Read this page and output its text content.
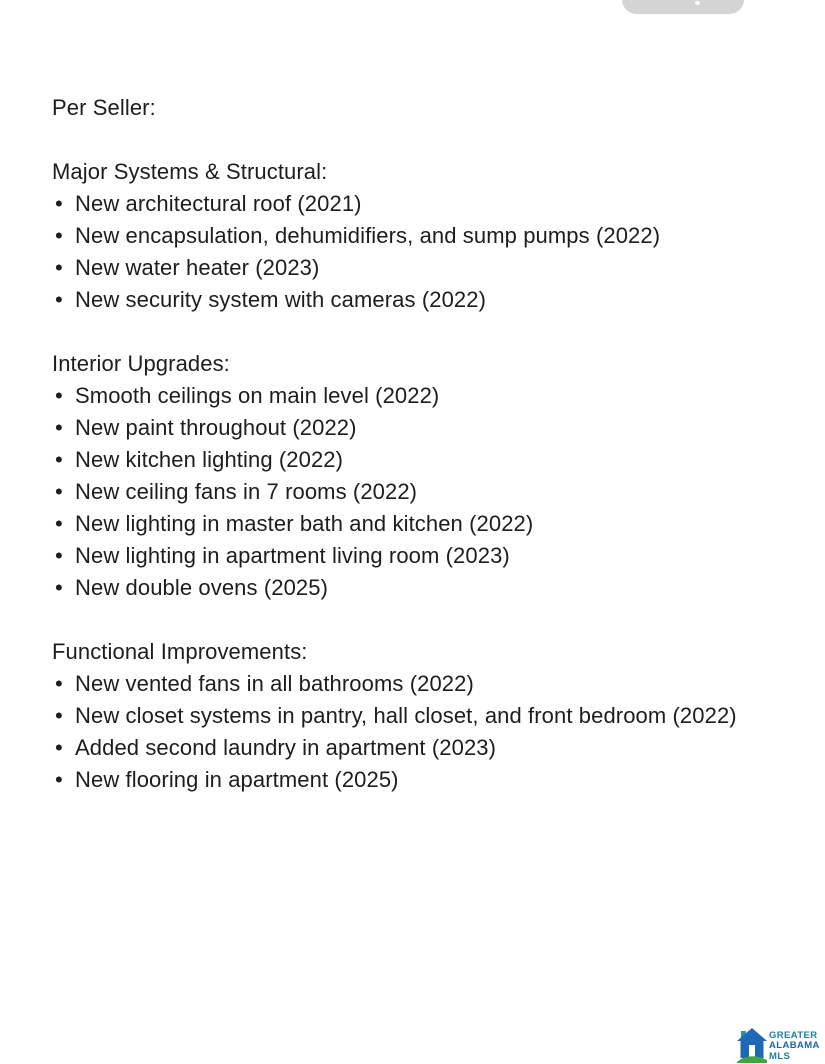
Per Seller:

Major Systems & Structural:

• New architectural roof (2021)

• New encapsulation, dehumidifiers, and sump pumps (2022)

• New water heater (2023)

• New security system with cameras (2022)

Interior Upgrades:

• Smooth ceilings on main level (2022)

• New paint throughout (2022)

• New kitchen lighting (2022)

• New ceiling fans in 7 rooms (2022)

• New lighting in master bath and kitchen (2022)

• New lighting in apartment living room (2023)

• New double ovens (2025)

Functional Improvements:

• New vented fans in all bathrooms (2022)

• New closet systems in pantry, hall closet, and front bedroom (2022)

• Added second laundry in apartment (2023)

• New flooring in apartment (2025)

GREATER
ALABAMA
MLS
